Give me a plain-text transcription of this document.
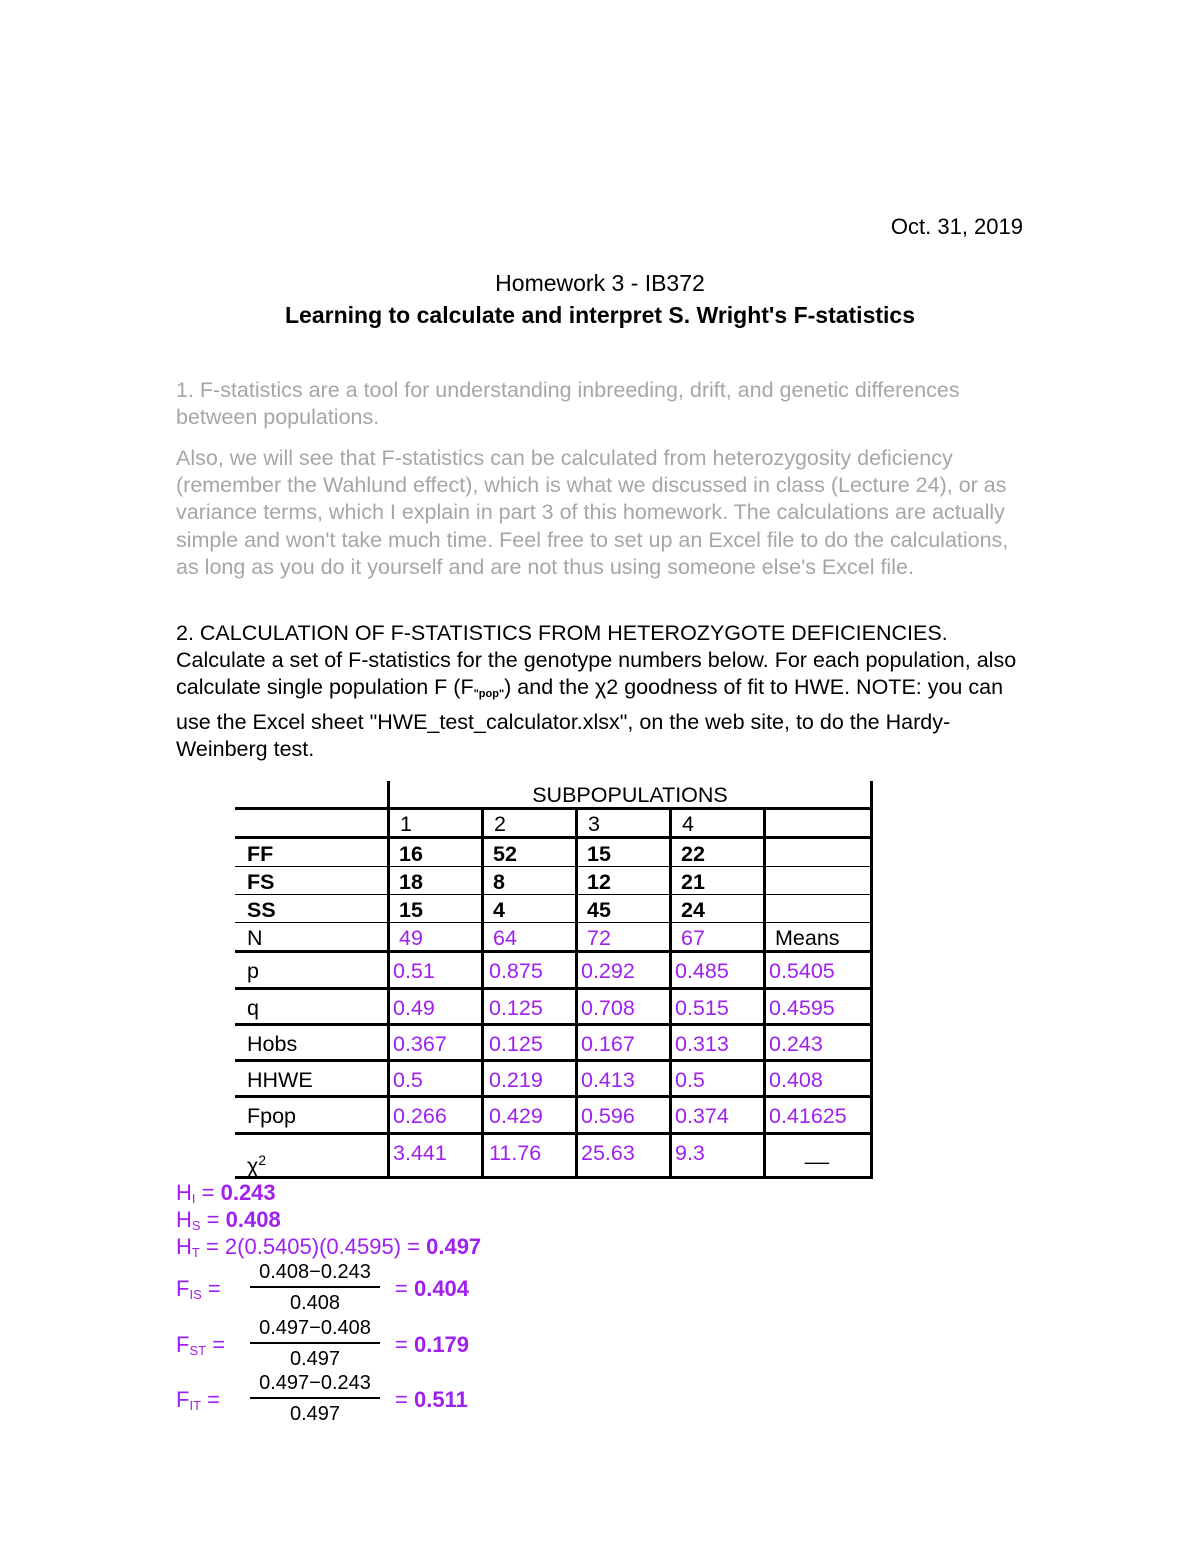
Oct. 31, 2019
Homework 3 - IB372
Learning to calculate and interpret S. Wright's F-statistics
1. F-statistics are a tool for understanding inbreeding, drift, and genetic differences between populations.
Also, we will see that F-statistics can be calculated from heterozygosity deficiency (remember the Wahlund effect), which is what we discussed in class (Lecture 24), or as variance terms, which I explain in part 3 of this homework. The calculations are actually simple and won't take much time. Feel free to set up an Excel file to do the calculations, as long as you do it yourself and are not thus using someone else's Excel file.
2. CALCULATION OF F-STATISTICS FROM HETEROZYGOTE DEFICIENCIES. Calculate a set of F-statistics for the genotype numbers below. For each population, also calculate single population F $(F_{"pop"})$ and the χ2 goodness of fit to HWE. NOTE: you can use the Excel sheet "HWE_test_calculator.xlsx", on the web site, to do the Hardy-Weinberg test.
SUBPOPULATIONS
1	2	3	4
FF	16	52	15	22
FS	18	8	12	21
SS	15	4	45	24
N	49	64	72	67	Means
p	0.51	0.875 0.292 0.485 0.5405
q	0.49	0.125 0.708 0.515 0.4595
Hobs	0.367 0.125 0.167 0.313 0.243
HHWE	0.5	0.219 0.413 0.5	0.408
Fpop	0.266 0.429 0.596 0.374 0.41625
$\chi^2$	3.441 11.76 25.63 9.3	__
HI = 0.243
HS = 0.408
HT = 2(0.5405)(0.4595) = 0.497
FIS =
0.408−0.243
0.408
= 0.404
FST =
0.497−0.408
0.497
= 0.179
FIT =
0.497−0.243
0.497
= 0.511
